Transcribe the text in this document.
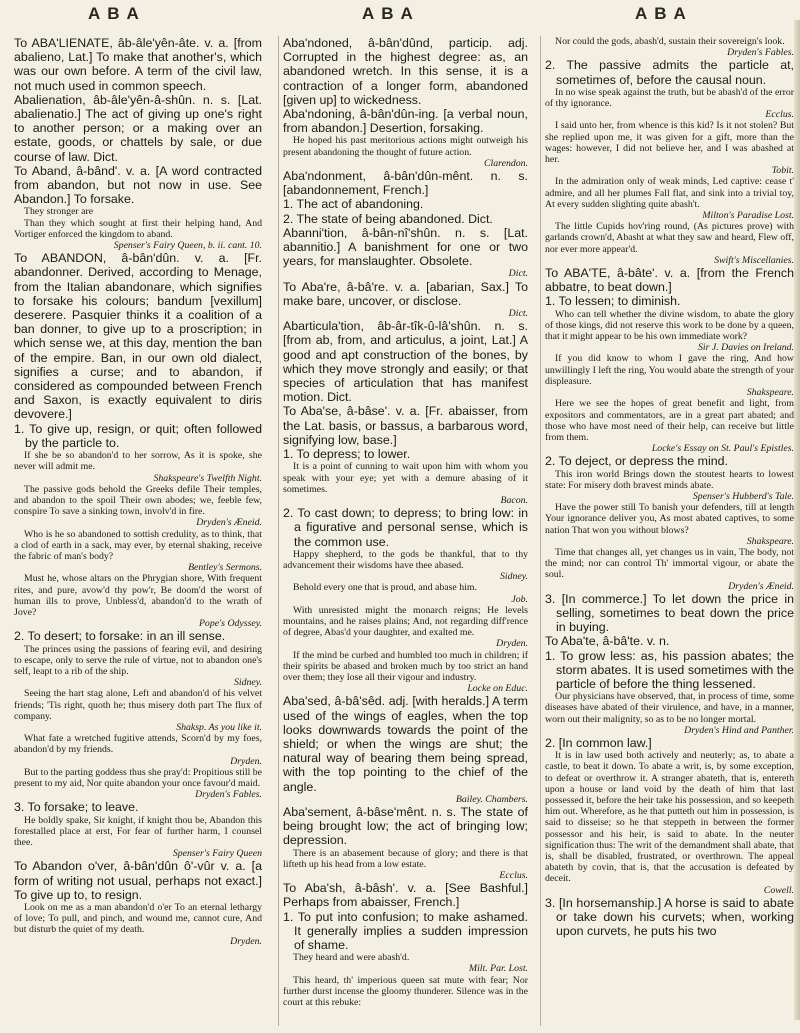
ABA	ABA	ABA

To ABA'LIENATE, âb-âle'yên-âte. v. a. [from abalieno, Lat.] To make that another's, which was our own before. A term of the civil law, not much used in common speech.

Abalienation, âb-âle'yên-â-shûn. n. s. [Lat. abalienatio.] The act of giving up one's right to another person; or a making over an estate, goods, or chattels by sale, or due course of law. Dict.

To Aband, â-bând'. v. a. [A word contracted from abandon, but not now in use. See Abandon.] To forsake.

They stronger are

Than they which sought at first their helping hand, And Vortiger enforced the kingdom to aband.

Spenser's Fairy Queen, b. ii. cant. 10.

To ABANDON, â-bân'dûn. v. a. [Fr. abandonner. Derived, according to Menage, from the Italian abandonare, which signifies to forsake his colours; bandum [vexillum] deserere. Pasquier thinks it a coalition of a ban donner, to give up to a proscription; in which sense we, at this day, mention the ban of the empire. Ban, in our own old dialect, signifies a curse; and to abandon, if considered as compounded between French and Saxon, is exactly equivalent to diris devovere.]

1. To give up, resign, or quit; often followed by the particle to.

If she be so abandon'd to her sorrow, As it is spoke, she never will admit me.

Shakspeare's Twelfth Night.

The passive gods behold the Greeks defile Their temples, and abandon to the spoil Their own abodes; we, feeble few, conspire To save a sinking town, involv'd in fire.

Dryden's Æneid.

Who is he so abandoned to sottish credulity, as to think, that a clod of earth in a sack, may ever, by eternal shaking, receive the fabric of man's body?

Bentley's Sermons.

Must he, whose altars on the Phrygian shore, With frequent rites, and pure, avow'd thy pow'r, Be doom'd the worst of human ills to prove, Unbless'd, abandon'd to the wrath of Jove?

Pope's Odyssey.

2. To desert; to forsake: in an ill sense.

The princes using the passions of fearing evil, and desiring to escape, only to serve the rule of virtue, not to abandon one's self, leapt to a rib of the ship.

Sidney.

Seeing the hart stag alone, Left and abandon'd of his velvet friends; 'Tis right, quoth he; thus misery doth part The flux of company.

Shaksp. As you like it.

What fate a wretched fugitive attends, Scorn'd by my foes, abandon'd by my friends.

Dryden.

But to the parting goddess thus she pray'd: Propitious still be present to my aid, Nor quite abandon your once favour'd maid.

Dryden's Fables.

3. To forsake; to leave.

He boldly spake, Sir knight, if knight thou be, Abandon this forestalled place at erst, For fear of further harm, I counsel thee.

Spenser's Fairy Queen

To Abandon o'ver, â-bân'dûn ô'-vûr v. a. [a form of writing not usual, perhaps not exact.] To give up to, to resign.

Look on me as a man abandon'd o'er To an eternal lethargy of love; To pull, and pinch, and wound me, cannot cure, And but disturb the quiet of my death.

Dryden.

Aba'ndoned, â-bân'dûnd, particip. adj. Corrupted in the highest degree: as, an abandoned wretch. In this sense, it is a contraction of a longer form, abandoned [given up] to wickedness.

Aba'ndoning, â-bân'dûn-ing. [a verbal noun, from abandon.] Desertion, forsaking.

He hoped his past meritorious actions might outweigh his present abandoning the thought of future action.

Clarendon.

Aba'ndonment, â-bân'dûn-mênt. n. s. [abandonnement, French.]

1. The act of abandoning.

2. The state of being abandoned. Dict.

Abanni'tion, â-bân-nî'shûn. n. s. [Lat. abannitio.] A banishment for one or two years, for manslaughter. Obsolete.

Dict.

To Aba're, â-bâ're. v. a. [abarian, Sax.] To make bare, uncover, or disclose.

Dict.

Abarticula'tion, âb-âr-tîk-û-lâ'shûn. n. s. [from ab, from, and articulus, a joint, Lat.] A good and apt construction of the bones, by which they move strongly and easily; or that species of articulation that has manifest motion. Dict.

To Aba'se, â-bâse'. v. a. [Fr. abaisser, from the Lat. basis, or bassus, a barbarous word, signifying low, base.]

1. To depress; to lower.

It is a point of cunning to wait upon him with whom you speak with your eye; yet with a demure abasing of it sometimes.

Bacon.

2. To cast down; to depress; to bring low: in a figurative and personal sense, which is the common use.

Happy shepherd, to the gods be thankful, that to thy advancement their wisdoms have thee abased.

Sidney.

Behold every one that is proud, and abase him.

Job.

With unresisted might the monarch reigns; He levels mountains, and he raises plains; And, not regarding diff'rence of degree, Abas'd your daughter, and exalted me.

Dryden.

If the mind be curbed and humbled too much in children; if their spirits be abased and broken much by too strict an hand over them; they lose all their vigour and industry.

Locke on Educ.

Aba'sed, â-bâ'sêd. adj. [with heralds.] A term used of the wings of eagles, when the top looks downwards towards the point of the shield; or when the wings are shut; the natural way of bearing them being spread, with the top pointing to the chief of the angle.

Bailey. Chambers.

Aba'sement, â-bâse'mênt. n. s. The state of being brought low; the act of bringing low; depression.

There is an abasement because of glory; and there is that lifteth up his head from a low estate.

Ecclus.

To Aba'sh, â-bâsh'. v. a. [See Bashful.] Perhaps from abaisser, French.]

1. To put into confusion; to make ashamed. It generally implies a sudden impression of shame.

They heard and were abash'd.

Milt. Par. Lost.

This heard, th' imperious queen sat mute with fear; Nor further durst incense the gloomy thunderer. Silence was in the court at this rebuke:

Nor could the gods, abash'd, sustain their sovereign's look.

Dryden's Fables.

2. The passive admits the particle at, sometimes of, before the causal noun.

In no wise speak against the truth, but be abash'd of the error of thy ignorance.

Ecclus.

I said unto her, from whence is this kid? Is it not stolen? But she replied upon me, it was given for a gift, more than the wages: however, I did not believe her, and I was abashed at her.

Tobit.

In the admiration only of weak minds, Led captive: cease t' admire, and all her plumes Fall flat, and sink into a trivial toy, At every sudden slighting quite abash't.

Milton's Paradise Lost.

The little Cupids hov'ring round, (As pictures prove) with garlands crown'd, Abasht at what they saw and heard, Flew off, nor ever more appear'd.

Swift's Miscellanies.

To ABA'TE, â-bâte'. v. a. [from the French abbatre, to beat down.]

1. To lessen; to diminish.

Who can tell whether the divine wisdom, to abate the glory of those kings, did not reserve this work to be done by a queen, that it might appear to be his own immediate work?

Sir J. Davies on Ireland.

If you did know to whom I gave the ring, And how unwillingly I left the ring, You would abate the strength of your displeasure.

Shakspeare.

Here we see the hopes of great benefit and light, from expositors and commentators, are in a great part abated; and those who have most need of their help, can receive but little from them.

Locke's Essay on St. Paul's Epistles.

2. To deject, or depress the mind.

This iron world Brings down the stoutest hearts to lowest state: For misery doth bravest minds abate.

Spenser's Hubberd's Tale.

Have the power still To banish your defenders, till at length Your ignorance deliver you, As most abated captives, to some nation That won you without blows?

Shakspeare.

Time that changes all, yet changes us in vain, The body, not the mind; nor can control Th' immortal vigour, or abate the soul.

Dryden's Æneid.

3. [In commerce.] To let down the price in selling, sometimes to beat down the price in buying.

To Aba'te, â-bâ'te. v. n.

1. To grow less: as, his passion abates; the storm abates. It is used sometimes with the particle of before the thing lessened.

Our physicians have observed, that, in process of time, some diseases have abated of their virulence, and have, in a manner, worn out their malignity, so as to be no longer mortal.

Dryden's Hind and Panther.

2. [In common law.]

It is in law used both actively and neuterly; as, to abate a castle, to beat it down. To abate a writ, is, by some exception, to defeat or overthrow it. A stranger abateth, that is, entereth upon a house or land void by the death of him that last possessed it, before the heir take his possession, and so keepeth him out. Wherefore, as he that putteth out him in possession, is said to disseise; so he that steppeth in between the former possessor and his heir, is said to abate. In the neuter signification thus: The writ of the demandment shall abate, that is, shall be disabled, frustrated, or overthrown. The appeal abateth by covin, that is, that the accusation is defeated by deceit.

Cowell.

3. [In horsemanship.] A horse is said to abate or take down his curvets; when, working upon curvets, he puts his two
